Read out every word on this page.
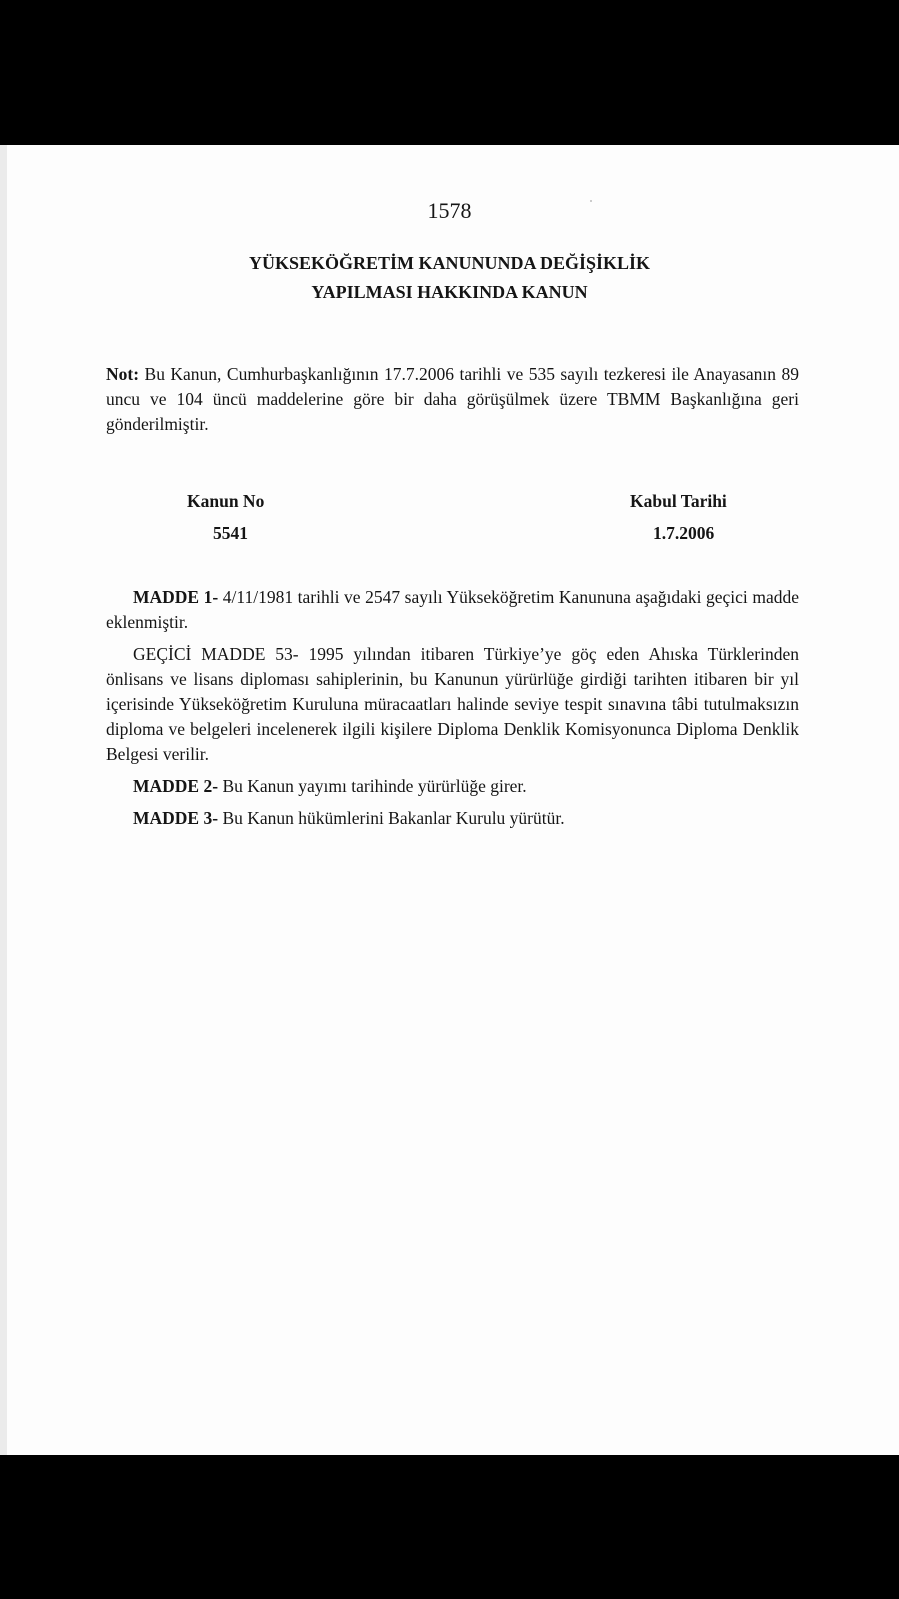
1578
YÜKSEKÖĞRETİM KANUNUNDA DEĞİŞİKLİK
YAPILMASI HAKKINDA KANUN
Not: Bu Kanun, Cumhurbaşkanlığının 17.7.2006 tarihli ve 535 sayılı tezkeresi ile Anayasanın 89 uncu ve 104 üncü maddelerine göre bir daha görüşülmek üzere TBMM Başkanlığına geri gönderilmiştir.
Kanun No
5541
Kabul Tarihi
1.7.2006

MADDE 1- 4/11/1981 tarihli ve 2547 sayılı Yükseköğretim Kanununa aşağıdaki geçici madde eklenmiştir.

GEÇİCİ MADDE 53- 1995 yılından itibaren Türkiye’ye göç eden Ahıska Türklerinden önlisans ve lisans diploması sahiplerinin, bu Kanunun yürürlüğe girdiği tarihten itibaren bir yıl içerisinde Yükseköğretim Kuruluna müracaatları halinde seviye tespit sınavına tâbi tutulmaksızın diploma ve belgeleri incelenerek ilgili kişilere Diploma Denklik Komisyonunca Diploma Denklik Belgesi verilir.

MADDE 2- Bu Kanun yayımı tarihinde yürürlüğe girer.

MADDE 3- Bu Kanun hükümlerini Bakanlar Kurulu yürütür.
